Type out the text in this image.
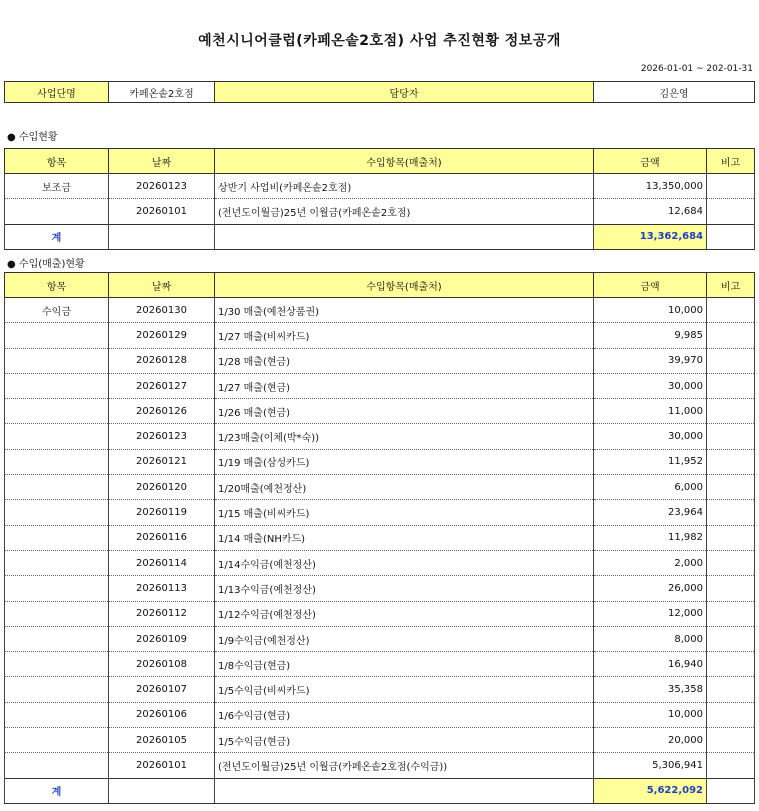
예천시니어클럽(카페온솥2호점) 사업 추진현황 정보공개
2026-01-01 ~ 202-01-31
사업단명	카페온솥2호점	담당자	김은영
● 수입현황
항목	날짜	수입항목(매출처)	금액	비고
보조금	20260123	상반기 사업비(카페온솥2호점)	13,350,000	
	20260101	(전년도이월금)25년 이월금(카페온솥2호점)	12,684	
계			13,362,684	
● 수입(매출)현황
항목	날짜	수입항목(매출처)	금액	비고
수익금	20260130	1/30 매출(예천상품권)	10,000	
	20260129	1/27 매출(비씨카드)	9,985	
	20260128	1/28 매출(현금)	39,970	
	20260127	1/27 매출(현금)	30,000	
	20260126	1/26 매출(현금)	11,000	
	20260123	1/23매출(이체(박*숙))	30,000	
	20260121	1/19 매출(삼성카드)	11,952	
	20260120	1/20매출(예천정산)	6,000	
	20260119	1/15 매출(비씨카드)	23,964	
	20260116	1/14 매출(NH카드)	11,982	
	20260114	1/14수익금(예천정산)	2,000	
	20260113	1/13수익금(예천정산)	26,000	
	20260112	1/12수익금(예천정산)	12,000	
	20260109	1/9수익금(예천정산)	8,000	
	20260108	1/8수익금(현금)	16,940	
	20260107	1/5수익금(비씨카드)	35,358	
	20260106	1/6수익금(현금)	10,000	
	20260105	1/5수익금(현금)	20,000	
	20260101	(전년도이월금)25년 이월금(카페온솥2호점(수익금))	5,306,941	
계			5,622,092	
